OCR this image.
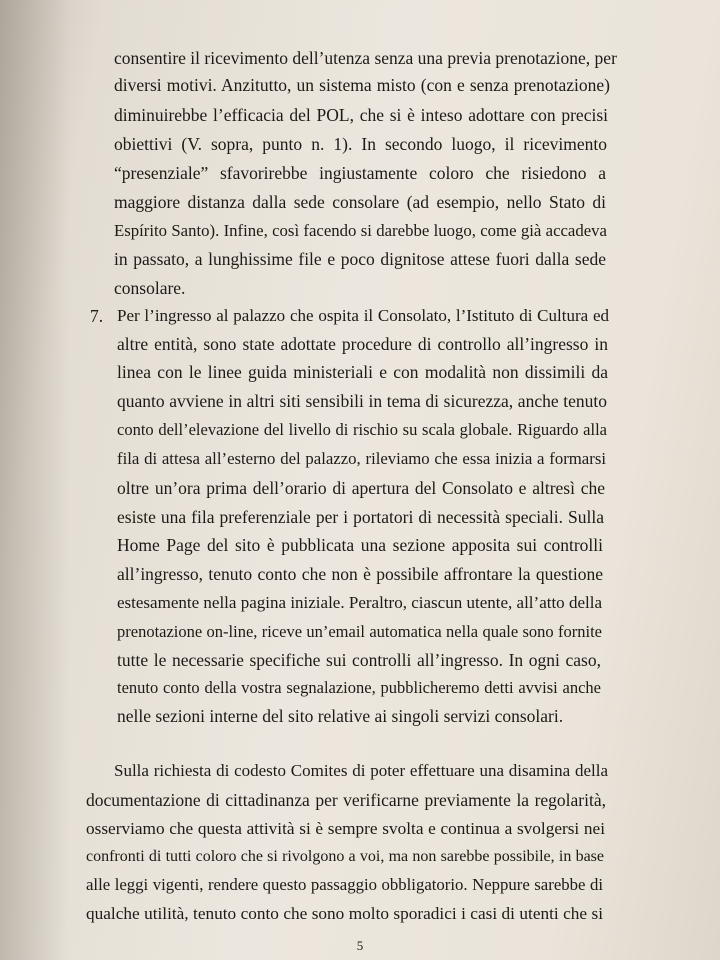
consentire il ricevimento dell’utenza senza una previa prenotazione, per
diversi motivi. Anzitutto, un sistema misto (con e senza prenotazione)
diminuirebbe l’efficacia del POL, che si è inteso adottare con precisi
obiettivi (V. sopra, punto n. 1). In secondo luogo, il ricevimento
“presenziale” sfavorirebbe ingiustamente coloro che risiedono a
maggiore distanza dalla sede consolare (ad esempio, nello Stato di
Espírito Santo). Infine, così facendo si darebbe luogo, come già accadeva
in passato, a lunghissime file e poco dignitose attese fuori dalla sede
consolare.
7. Per l’ingresso al palazzo che ospita il Consolato, l’Istituto di Cultura ed
altre entità, sono state adottate procedure di controllo all’ingresso in
linea con le linee guida ministeriali e con modalità non dissimili da
quanto avviene in altri siti sensibili in tema di sicurezza, anche tenuto
conto dell’elevazione del livello di rischio su scala globale. Riguardo alla
fila di attesa all’esterno del palazzo, rileviamo che essa inizia a formarsi
oltre un’ora prima dell’orario di apertura del Consolato e altresì che
esiste una fila preferenziale per i portatori di necessità speciali. Sulla
Home Page del sito è pubblicata una sezione apposita sui controlli
all’ingresso, tenuto conto che non è possibile affrontare la questione
estesamente nella pagina iniziale. Peraltro, ciascun utente, all’atto della
prenotazione on-line, riceve un’email automatica nella quale sono fornite
tutte le necessarie specifiche sui controlli all’ingresso. In ogni caso,
tenuto conto della vostra segnalazione, pubblicheremo detti avvisi anche
nelle sezioni interne del sito relative ai singoli servizi consolari.
Sulla richiesta di codesto Comites di poter effettuare una disamina della
documentazione di cittadinanza per verificarne previamente la regolarità,
osserviamo che questa attività si è sempre svolta e continua a svolgersi nei
confronti di tutti coloro che si rivolgono a voi, ma non sarebbe possibile, in base
alle leggi vigenti, rendere questo passaggio obbligatorio. Neppure sarebbe di
qualche utilità, tenuto conto che sono molto sporadici i casi di utenti che si
5
